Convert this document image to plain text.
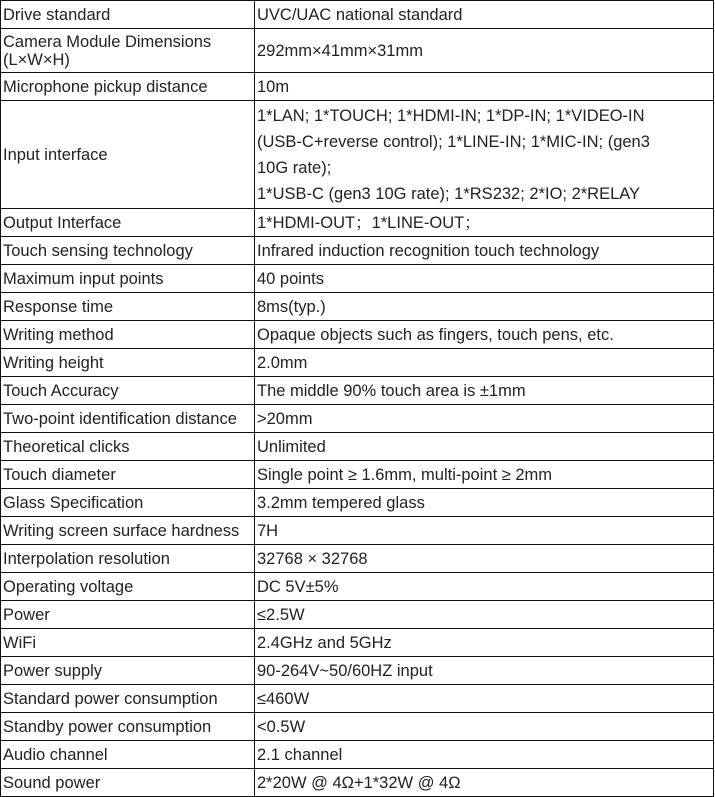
Drive standard	UVC/UAC national standard
Camera Module Dimensions (L×W×H)	292mm×41mm×31mm
Microphone pickup distance	10m
Input interface	1*LAN; 1*TOUCH; 1*HDMI-IN; 1*DP-IN; 1*VIDEO-IN
(USB-C+reverse control); 1*LINE-IN; 1*MIC-IN; (gen3
10G rate);
1*USB-C (gen3 10G rate); 1*RS232; 2*IO; 2*RELAY

Output Interface	1*HDMI-OUT；1*LINE-OUT；
Touch sensing technology	Infrared induction recognition touch technology
Maximum input points	40 points
Response time	8ms(typ.)
Writing method	Opaque objects such as fingers, touch pens, etc.
Writing height	2.0mm
Touch Accuracy	The middle 90% touch area is ±1mm
Two-point identification distance	>20mm
Theoretical clicks	Unlimited
Touch diameter	Single point ≥ 1.6mm, multi-point ≥ 2mm
Glass Specification	3.2mm tempered glass
Writing screen surface hardness	7H
Interpolation resolution	32768 × 32768
Operating voltage	DC 5V±5%
Power	≤2.5W
WiFi	2.4GHz and 5GHz
Power supply	90-264V~50/60HZ input
Standard power consumption	≤460W
Standby power consumption	<0.5W
Audio channel	2.1 channel
Sound power	2*20W @ 4Ω+1*32W @ 4Ω
